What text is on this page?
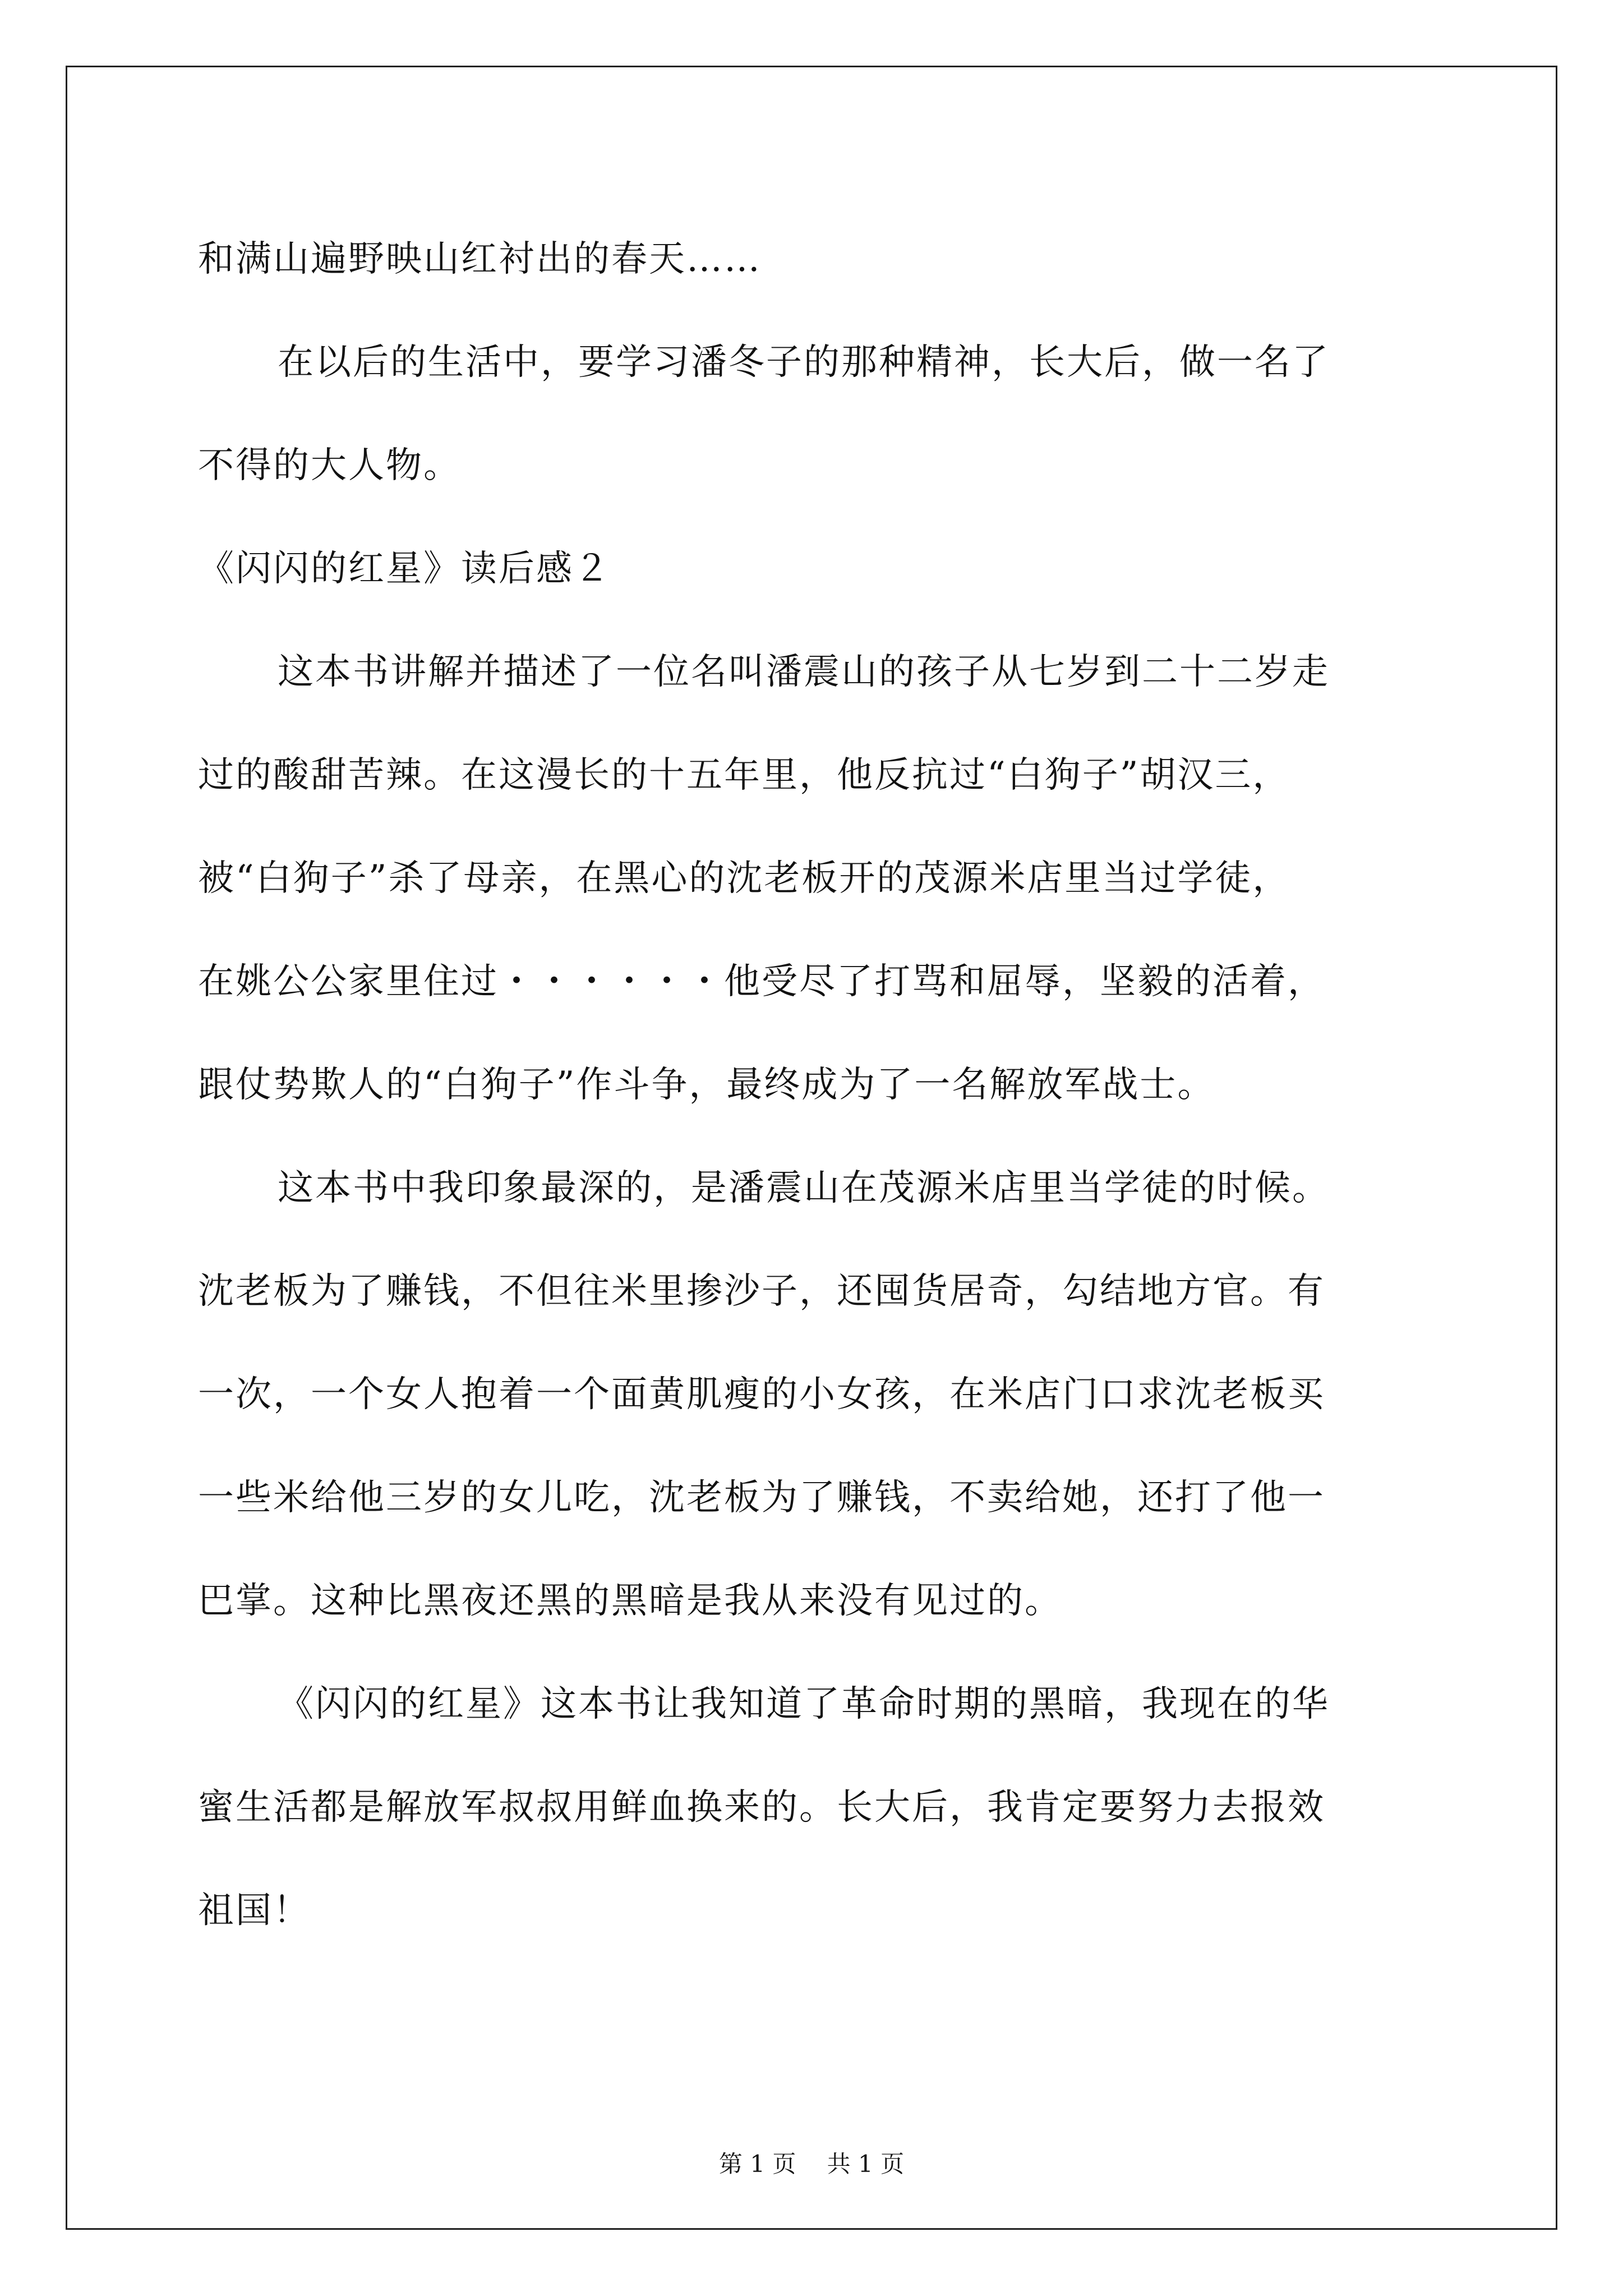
和满山遍野映山红衬出的春天……
在以后的生活中，要学习潘冬子的那种精神，长大后，做一名了
不得的大人物。
《闪闪的红星》读后感２
这本书讲解并描述了一位名叫潘震山的孩子从七岁到二十二岁走
过的酸甜苦辣。在这漫长的十五年里，他反抗过“白狗子”胡汉三，
被“白狗子”杀了母亲，在黑心的沈老板开的茂源米店里当过学徒，
在姚公公家里住过・・・・・・他受尽了打骂和屈辱，坚毅的活着，
跟仗势欺人的“白狗子”作斗争，最终成为了一名解放军战士。
这本书中我印象最深的，是潘震山在茂源米店里当学徒的时候。
沈老板为了赚钱，不但往米里掺沙子，还囤货居奇，勾结地方官。有
一次，一个女人抱着一个面黄肌瘦的小女孩，在米店门口求沈老板买
一些米给他三岁的女儿吃，沈老板为了赚钱，不卖给她，还打了他一
巴掌。这种比黑夜还黑的黑暗是我从来没有见过的。
《闪闪的红星》这本书让我知道了革命时期的黑暗，我现在的华
蜜生活都是解放军叔叔用鲜血换来的。长大后，我肯定要努力去报效
祖国！
第 1 页　 共 1 页
